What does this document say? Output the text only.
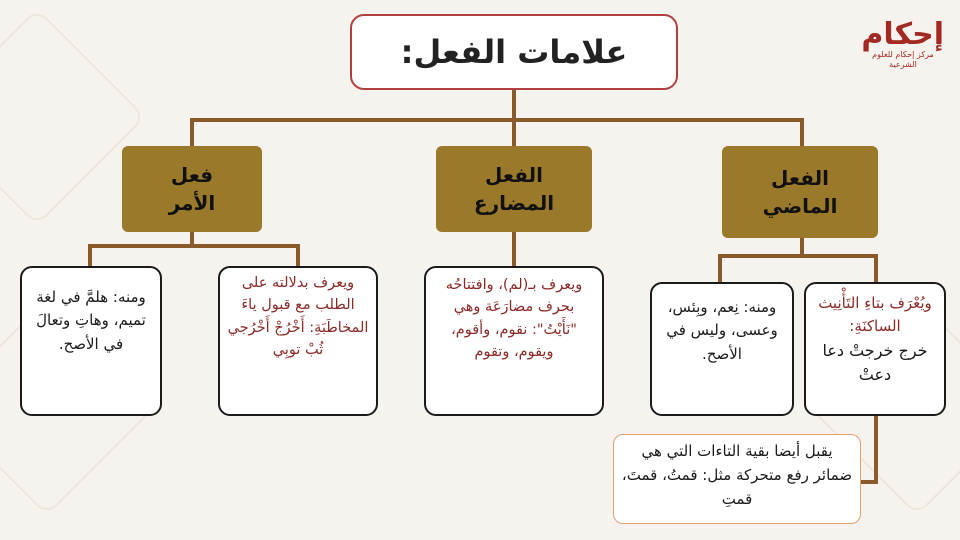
إحكام
مركز إحكام للعلوم الشرعية
علامات الفعل:
فعل الأمر
الفعل المضارع
الفعل الماضي
ومنه: هلمَّ في لغة تميم، وهاتِ وتعالَ في الأصح.
ويعرف بدلالته على الطلب مع قبول ياءَ المخاطَبَةِ: أَخْرُجْ أَخْرُجي ثُبْ توبِي
ويعرف بـ(لم)، وافتتاحُه بحرف مضارَعَة وهي "نَأَيْتُ": نقوم، وأقوم، ويقوم، وتقوم
ومنه: نِعم، وبِئس، وعسى، وليس في الأصح.
ويُعْرَف بتاءِ التَأْنِيث الساكنَةِ:
خرج خرجتْ دعا دعتْ
يقبل أيضا بقية التاءات التي هي ضمائر رفع متحركة مثل: قمتُ، قمتَ، قمتِ
